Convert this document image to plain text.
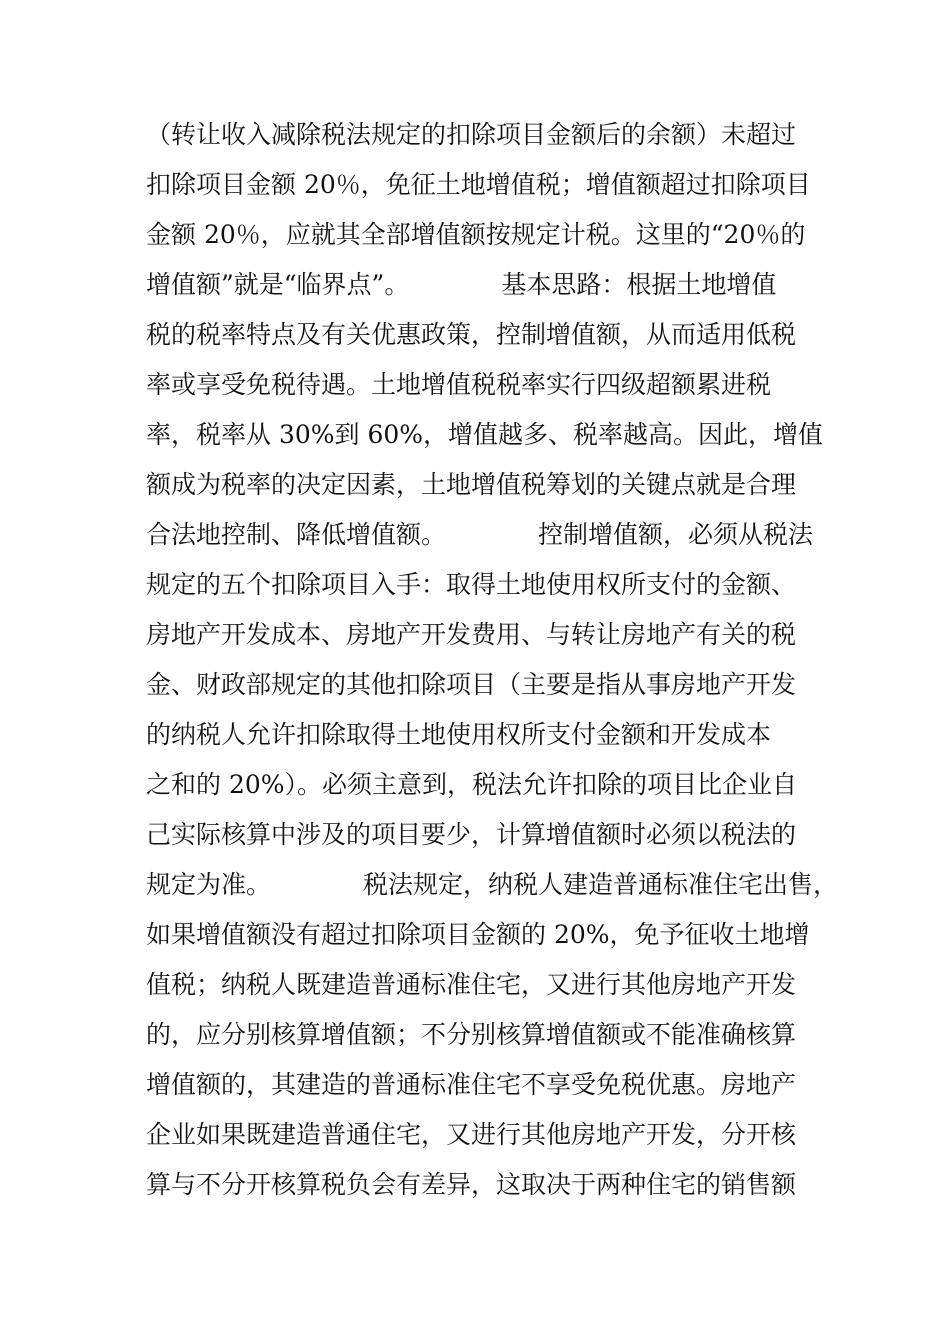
（转让收入减除税法规定的扣除项目金额后的余额）未超过
扣除项目金额 20％，免征土地增值税；增值额超过扣除项目
金额 20％，应就其全部增值额按规定计税。这里的“20％的
增值额”就是“临界点”。	基本思路：根据土地增值
税的税率特点及有关优惠政策，控制增值额，从而适用低税
率或享受免税待遇。土地增值税税率实行四级超额累进税
率，税率从 30%到 60%，增值越多、税率越高。因此，增值
额成为税率的决定因素，土地增值税筹划的关键点就是合理
合法地控制、降低增值额。	控制增值额，必须从税法
规定的五个扣除项目入手：取得土地使用权所支付的金额、
房地产开发成本、房地产开发费用、与转让房地产有关的税
金、财政部规定的其他扣除项目（主要是指从事房地产开发
的纳税人允许扣除取得土地使用权所支付金额和开发成本
之和的 20%）。必须主意到，税法允许扣除的项目比企业自
己实际核算中涉及的项目要少，计算增值额时必须以税法的
规定为准。	税法规定，纳税人建造普通标准住宅出售，
如果增值额没有超过扣除项目金额的 20%，免予征收土地增
值税；纳税人既建造普通标准住宅，又进行其他房地产开发
的，应分别核算增值额；不分别核算增值额或不能准确核算
增值额的，其建造的普通标准住宅不享受免税优惠。房地产
企业如果既建造普通住宅，又进行其他房地产开发，分开核
算与不分开核算税负会有差异，这取决于两种住宅的销售额
